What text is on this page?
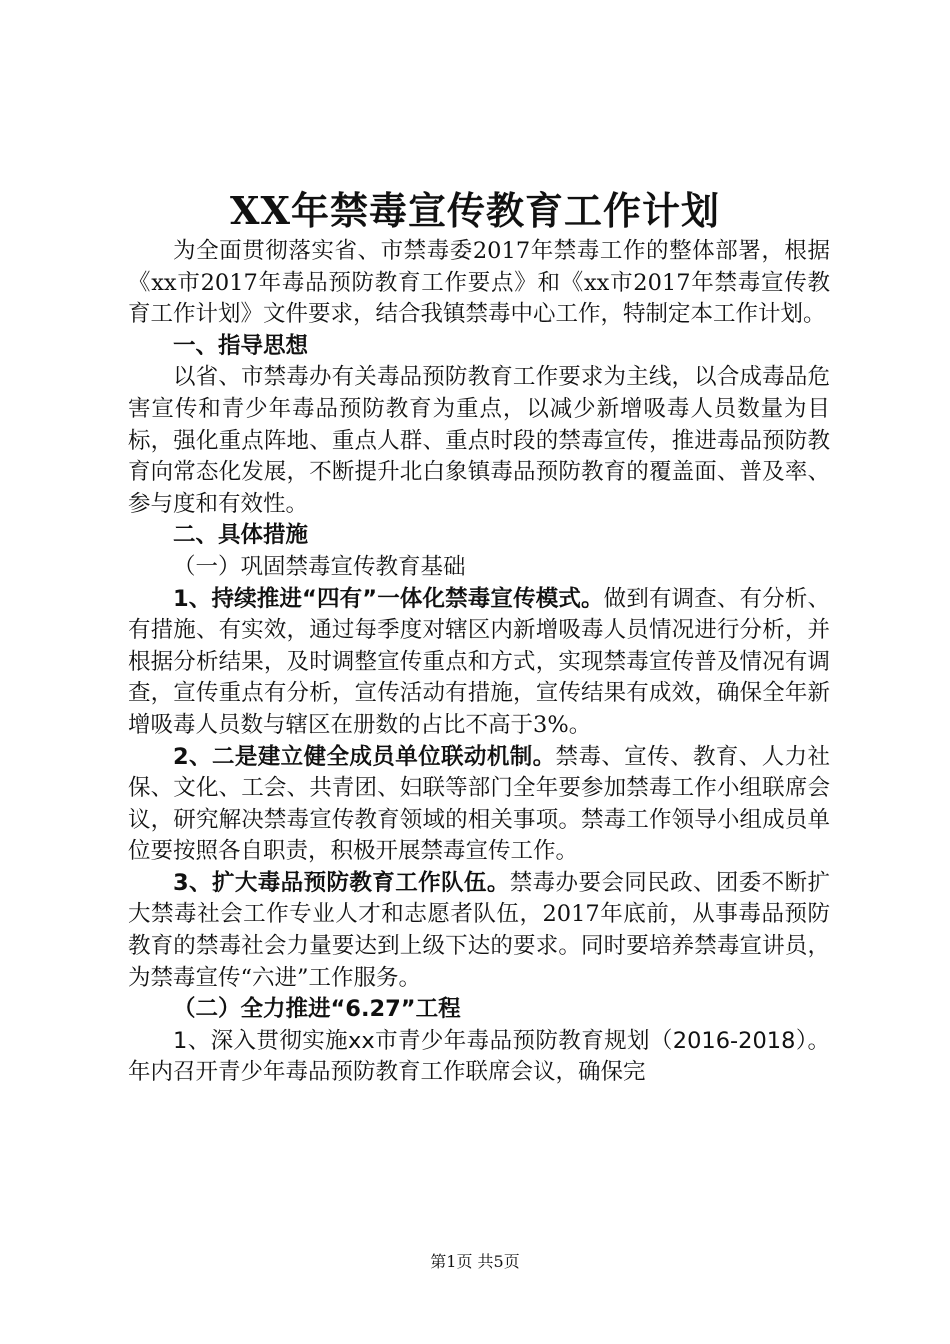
XX年禁毒宣传教育工作计划

为全面贯彻落实省、市禁毒委2017年禁毒工作的整体部署，根据《xx市2017年毒品预防教育工作要点》和《xx市2017年禁毒宣传教育工作计划》文件要求，结合我镇禁毒中心工作，特制定本工作计划。

一、指导思想

以省、市禁毒办有关毒品预防教育工作要求为主线，以合成毒品危害宣传和青少年毒品预防教育为重点，以减少新增吸毒人员数量为目标，强化重点阵地、重点人群、重点时段的禁毒宣传，推进毒品预防教育向常态化发展，不断提升北白象镇毒品预防教育的覆盖面、普及率、参与度和有效性。

二、具体措施

（一）巩固禁毒宣传教育基础

1、持续推进“四有”一体化禁毒宣传模式。做到有调查、有分析、有措施、有实效，通过每季度对辖区内新增吸毒人员情况进行分析，并根据分析结果，及时调整宣传重点和方式，实现禁毒宣传普及情况有调查，宣传重点有分析，宣传活动有措施，宣传结果有成效，确保全年新增吸毒人员数与辖区在册数的占比不高于3%。

2、二是建立健全成员单位联动机制。禁毒、宣传、教育、人力社保、文化、工会、共青团、妇联等部门全年要参加禁毒工作小组联席会议，研究解决禁毒宣传教育领域的相关事项。禁毒工作领导小组成员单位要按照各自职责，积极开展禁毒宣传工作。

3、扩大毒品预防教育工作队伍。禁毒办要会同民政、团委不断扩大禁毒社会工作专业人才和志愿者队伍，2017年底前，从事毒品预防教育的禁毒社会力量要达到上级下达的要求。同时要培养禁毒宣讲员，为禁毒宣传“六进”工作服务。

（二）全力推进“6.27”工程

1、深入贯彻实施xx市青少年毒品预防教育规划（2016-2018）。年内召开青少年毒品预防教育工作联席会议，确保完

第1页 共5页
